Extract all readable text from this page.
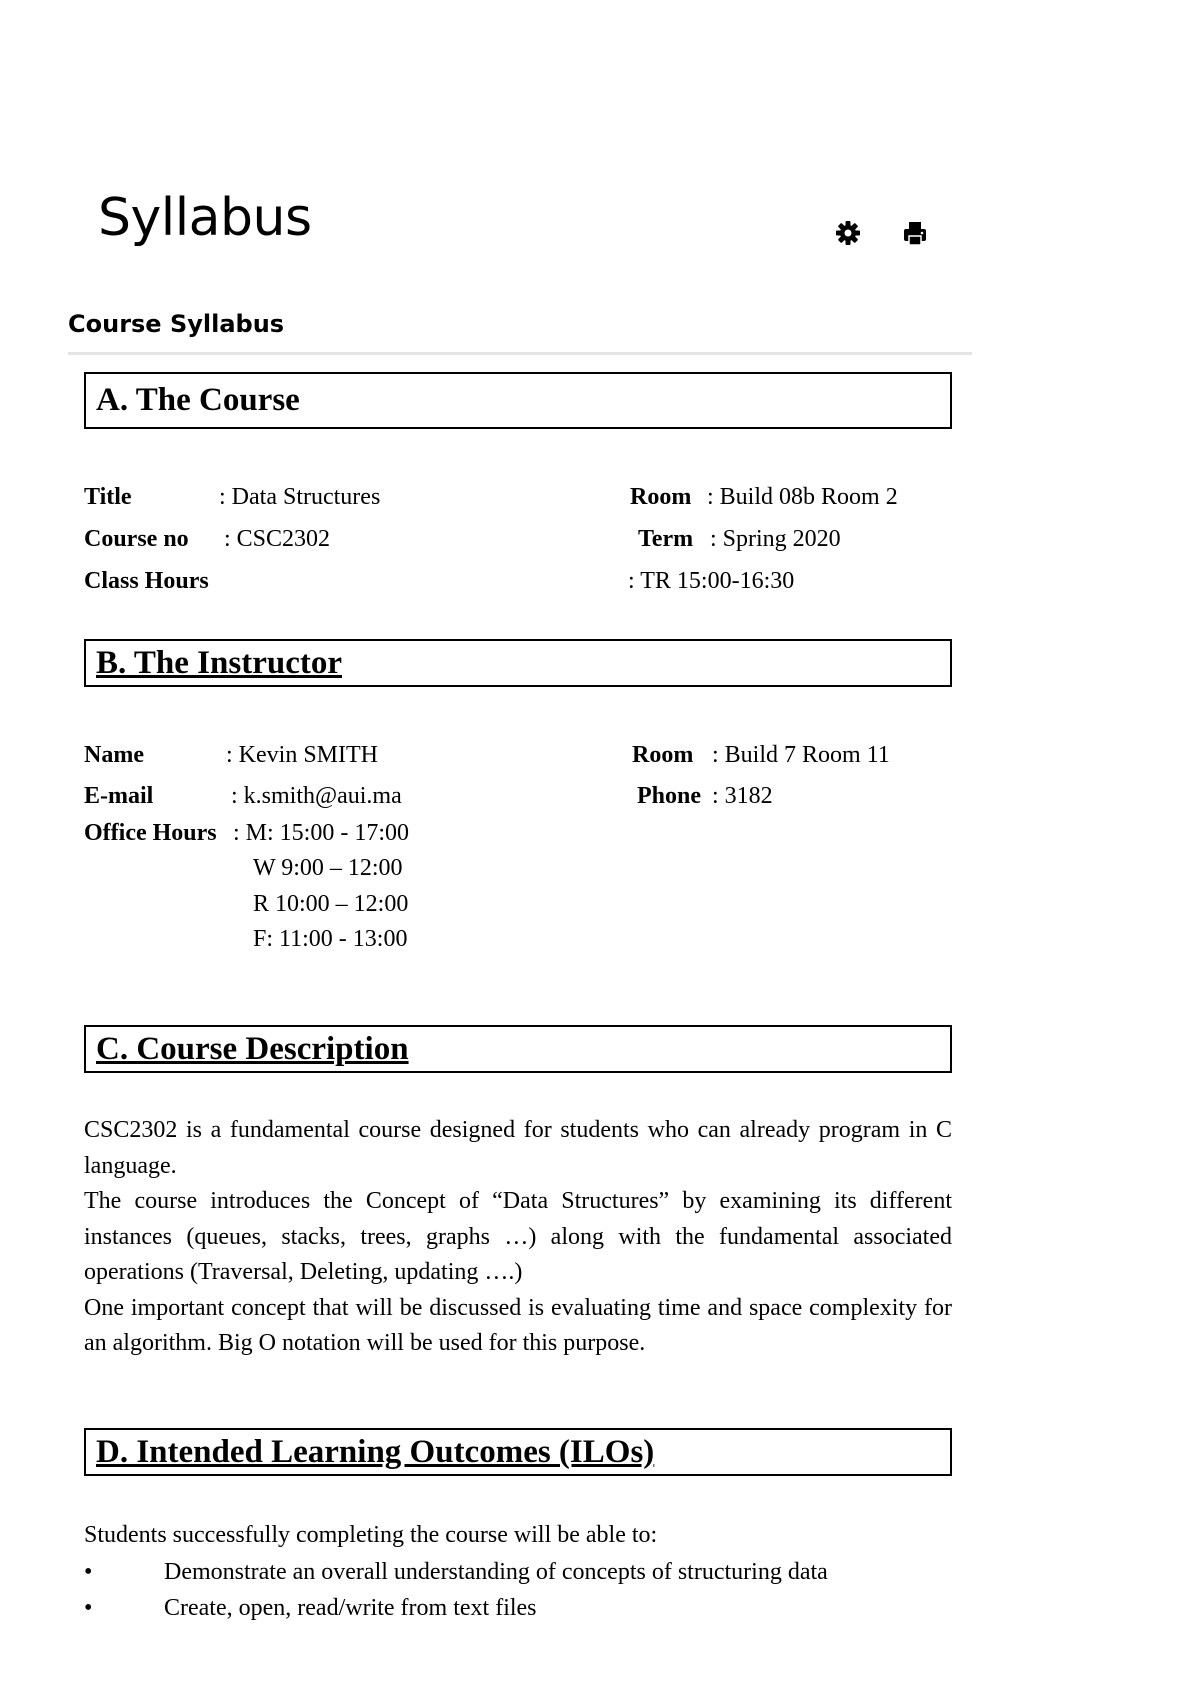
Syllabus
Course Syllabus
A. The Course
Title	: Data Structures	Room : Build 08b Room 2
Course no : CSC2302	Term : Spring 2020
Class Hours	: TR 15:00-16:30
B. The Instructor
Name	: Kevin SMITH	Room : Build 7 Room 11
E-mail	: k.smith@aui.ma	Phone : 3182
Office Hours : M: 15:00 - 17:00
W 9:00 – 12:00
R 10:00 – 12:00
F: 11:00 - 13:00
C. Course Description

CSC2302 is a fundamental course designed for students who can already program in C language.

The course introduces the Concept of “Data Structures” by examining its different instances (queues, stacks, trees, graphs …) along with the fundamental associated operations (Traversal, Deleting, updating ….)

One important concept that will be discussed is evaluating time and space complexity for an algorithm. Big O notation will be used for this purpose.

D. Intended Learning Outcomes (ILOs)
Students successfully completing the course will be able to:
•	Demonstrate an overall understanding of concepts of structuring data
•	Create, open, read/write from text files
